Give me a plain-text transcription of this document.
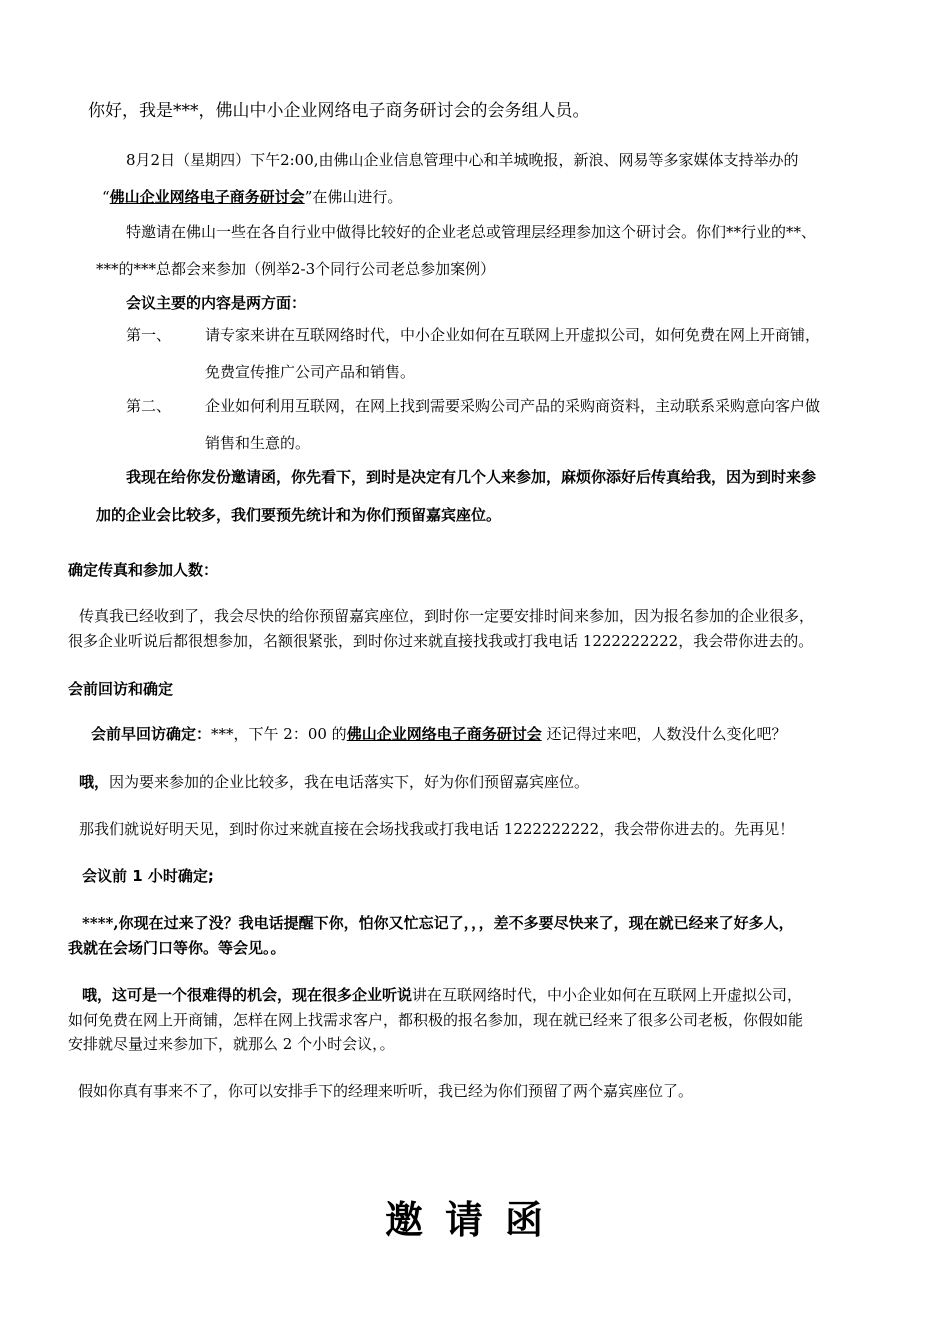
你好，我是***，佛山中小企业网络电子商务研讨会的会务组人员。
8月2日（星期四）下午2:00,由佛山企业信息管理中心和羊城晚报，新浪、网易等多家媒体支持举办的
“佛山企业网络电子商务研讨会”在佛山进行。
特邀请在佛山一些在各自行业中做得比较好的企业老总或管理层经理参加这个研讨会。你们**行业的**、
***的***总都会来参加（例举2-3个同行公司老总参加案例）
会议主要的内容是两方面：
第一、 请专家来讲在互联网络时代，中小企业如何在互联网上开虚拟公司，如何免费在网上开商铺，
免费宣传推广公司产品和销售。
第二、 企业如何利用互联网，在网上找到需要采购公司产品的采购商资料，主动联系采购意向客户做
销售和生意的。
我现在给你发份邀请函，你先看下，到时是决定有几个人来参加，麻烦你添好后传真给我，因为到时来参
加的企业会比较多，我们要预先统计和为你们预留嘉宾座位。
确定传真和参加人数：
传真我已经收到了，我会尽快的给你预留嘉宾座位，到时你一定要安排时间来参加，因为报名参加的企业很多，
很多企业听说后都很想参加，名额很紧张，到时你过来就直接找我或打我电话 1222222222，我会带你进去的。
会前回访和确定
会前早回访确定：***，下午 2：00 的佛山企业网络电子商务研讨会 还记得过来吧，人数没什么变化吧？
哦，因为要来参加的企业比较多，我在电话落实下，好为你们预留嘉宾座位。
那我们就说好明天见，到时你过来就直接在会场找我或打我电话 1222222222，我会带你进去的。先再见！
会议前 1 小时确定;
****,你现在过来了没？我电话提醒下你，怕你又忙忘记了，，，差不多要尽快来了，现在就已经来了好多人，
我就在会场门口等你。等会见。。
哦，这可是一个很难得的机会，现在很多企业听说讲在互联网络时代，中小企业如何在互联网上开虚拟公司，
如何免费在网上开商铺，怎样在网上找需求客户，都积极的报名参加，现在就已经来了很多公司老板，你假如能
安排就尽量过来参加下，就那么 2 个小时会议，。
假如你真有事来不了，你可以安排手下的经理来听听，我已经为你们预留了两个嘉宾座位了。
邀请函
